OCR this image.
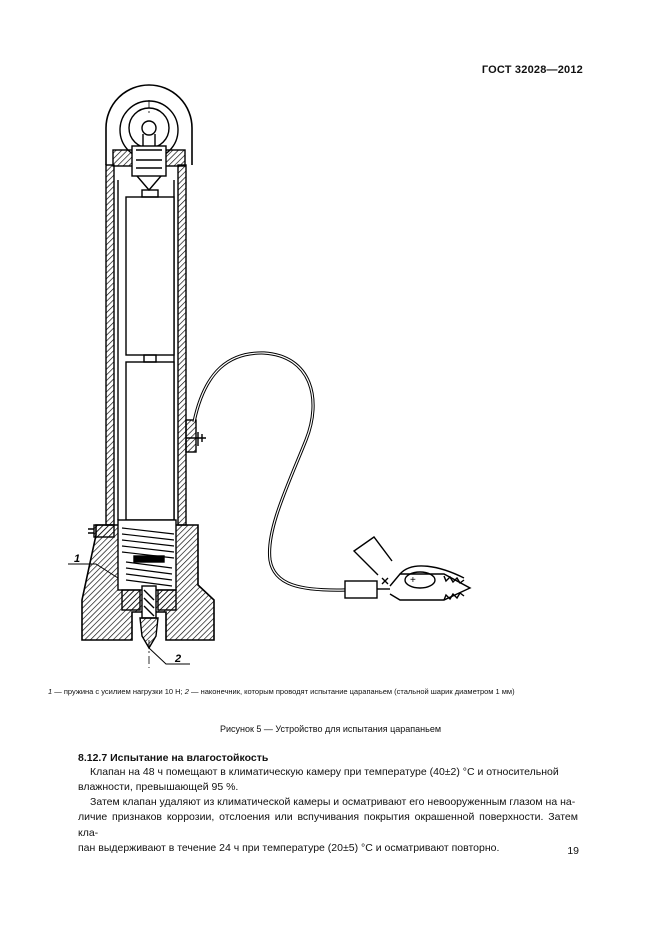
ГОСТ 32028—2012
1
2
+
1 — пружина с усилием нагрузки 10 Н; 2 — наконечник, которым проводят испытание царапаньем (стальной шарик диаметром 1 мм)
Рисунок 5 — Устройство для испытания царапаньем
8.12.7 Испытание на влагостойкость
Клапан на 48 ч помещают в климатическую камеру при температуре (40±2) °С и относительной
влажности, превышающей 95 %.
Затем клапан удаляют из климатической камеры и осматривают его невооруженным глазом на на-
личие признаков коррозии, отслоения или вспучивания покрытия окрашенной поверхности. Затем кла-
пан выдерживают в течение 24 ч при температуре (20±5) °С и осматривают повторно.	19
